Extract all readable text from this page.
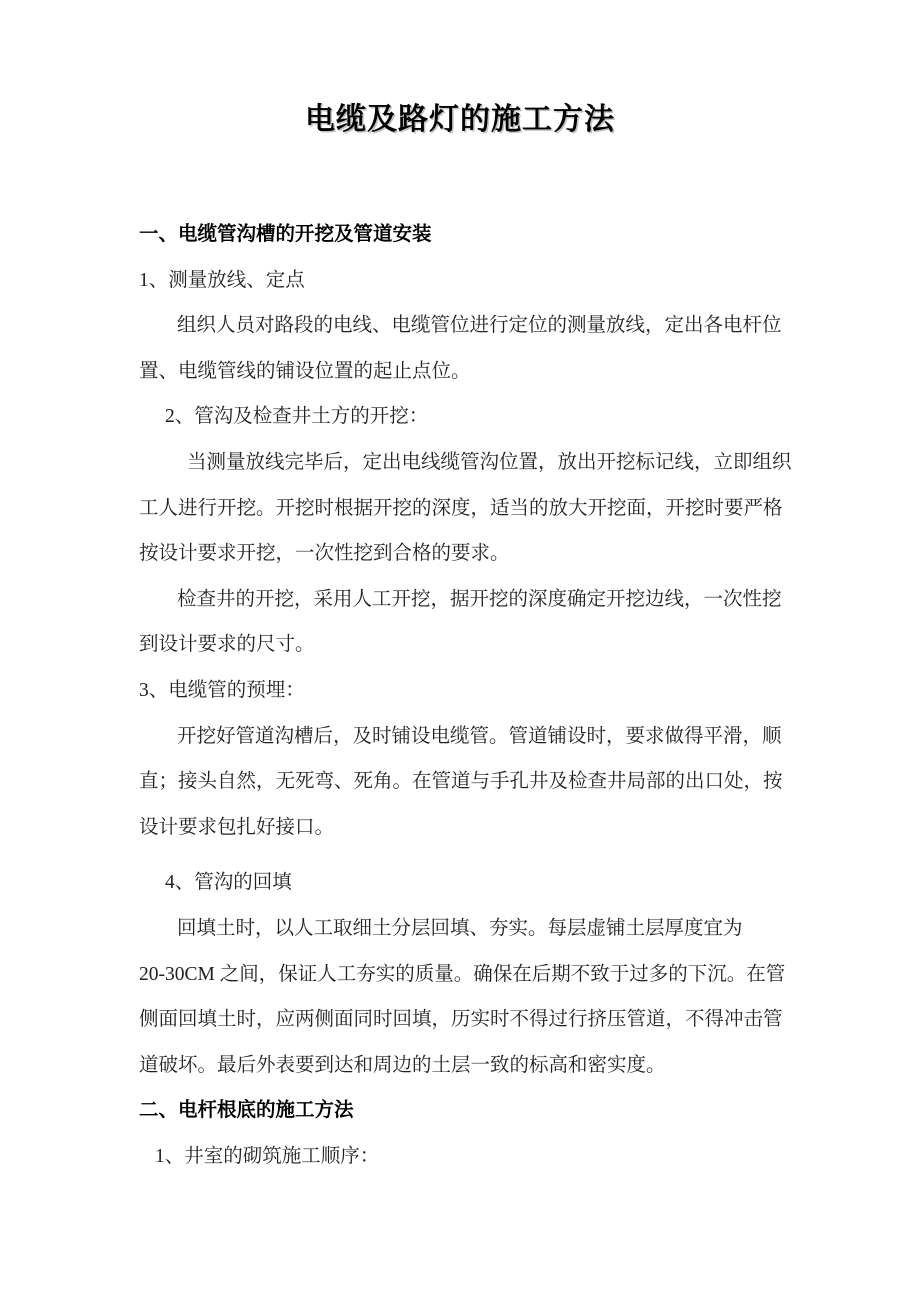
电缆及路灯的施工方法
一、电缆管沟槽的开挖及管道安装
1、测量放线、定点
组织人员对路段的电线、电缆管位进行定位的测量放线，定出各电杆位
置、电缆管线的铺设位置的起止点位。
2、管沟及检查井土方的开挖：
当测量放线完毕后，定出电线缆管沟位置，放出开挖标记线，立即组织
工人进行开挖。开挖时根据开挖的深度，适当的放大开挖面，开挖时要严格
按设计要求开挖，一次性挖到合格的要求。
检查井的开挖，采用人工开挖，据开挖的深度确定开挖边线，一次性挖
到设计要求的尺寸。
3、电缆管的预埋：
开挖好管道沟槽后，及时铺设电缆管。管道铺设时，要求做得平滑，顺
直；接头自然，无死弯、死角。在管道与手孔井及检查井局部的出口处，按
设计要求包扎好接口。
4、管沟的回填
回填土时，以人工取细土分层回填、夯实。每层虚铺土层厚度宜为
20-30CM 之间，保证人工夯实的质量。确保在后期不致于过多的下沉。在管
侧面回填土时，应两侧面同时回填，历实时不得过行挤压管道，不得冲击管
道破坏。最后外表要到达和周边的土层一致的标高和密实度。
二、电杆根底的施工方法
1、井室的砌筑施工顺序：
